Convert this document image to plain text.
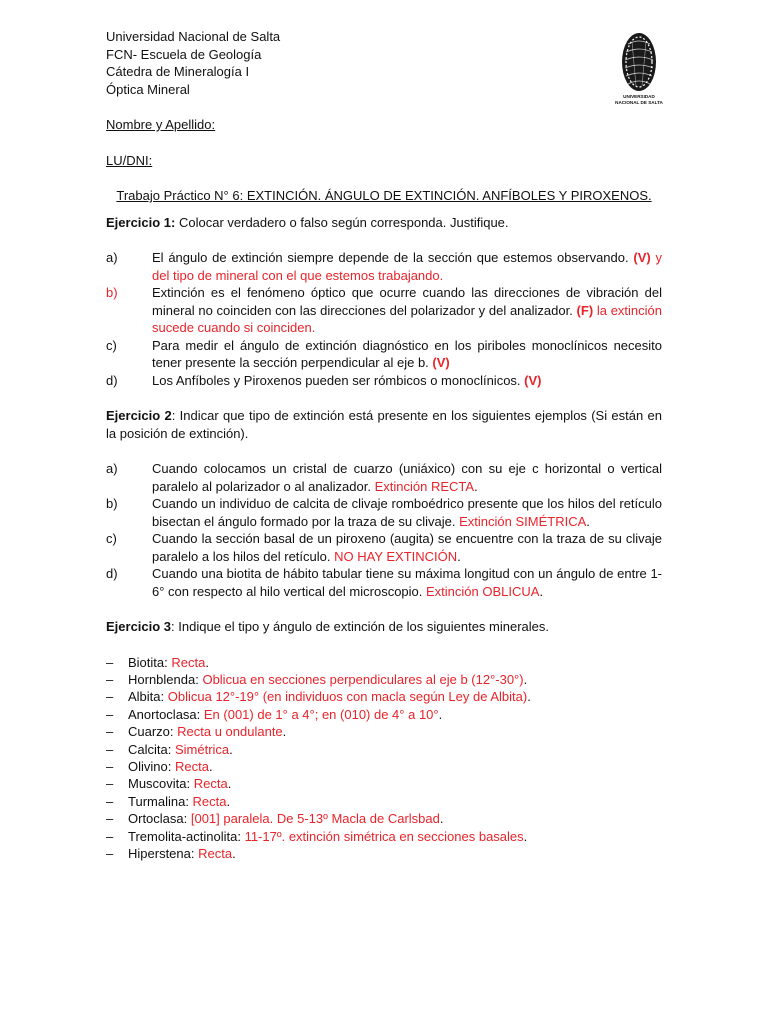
UNIVERSIDAD
NACIONAL DE SALTA
Universidad Nacional de Salta
FCN- Escuela de Geología
Cátedra de Mineralogía I
Óptica Mineral
Nombre y Apellido:
LU/DNI:
Trabajo Práctico N° 6: EXTINCIÓN. ÁNGULO DE EXTINCIÓN. ANFÍBOLES Y PIROXENOS.
Ejercicio 1: Colocar verdadero o falso según corresponda. Justifique.
a)	El ángulo de extinción siempre depende de la sección que estemos observando. (V) y del tipo de mineral con el que estemos trabajando.
b)	Extinción es el fenómeno óptico que ocurre cuando las direcciones de vibración del mineral no coinciden con las direcciones del polarizador y del analizador. (F) la extinción sucede cuando si coinciden.
c)	Para medir el ángulo de extinción diagnóstico en los piriboles monoclínicos necesito tener presente la sección perpendicular al eje b. (V)
d)	Los Anfíboles y Piroxenos pueden ser rómbicos o monoclínicos. (V)
Ejercicio 2: Indicar que tipo de extinción está presente en los siguientes ejemplos (Si están en la posición de extinción).
a)	Cuando colocamos un cristal de cuarzo (uniáxico) con su eje c horizontal o vertical paralelo al polarizador o al analizador. Extinción RECTA.
b)	Cuando un individuo de calcita de clivaje romboédrico presente que los hilos del retículo bisectan el ángulo formado por la traza de su clivaje. Extinción SIMÉTRICA.
c)	Cuando la sección basal de un piroxeno (augita) se encuentre con la traza de su clivaje paralelo a los hilos del retículo. NO HAY EXTINCIÓN.
d)	Cuando una biotita de hábito tabular tiene su máxima longitud con un ángulo de entre 1-6° con respecto al hilo vertical del microscopio. Extinción OBLICUA.
Ejercicio 3: Indique el tipo y ángulo de extinción de los siguientes minerales.
–	Biotita: Recta.
–	Hornblenda: Oblicua en secciones perpendiculares al eje b (12°-30°).
–	Albita: Oblicua 12°-19° (en individuos con macla según Ley de Albita).
–	Anortoclasa: En (001) de 1° a 4°; en (010) de 4° a 10°.
–	Cuarzo: Recta u ondulante.
–	Calcita: Simétrica.
–	Olivino: Recta.
–	Muscovita: Recta.
–	Turmalina: Recta.
–	Ortoclasa: [001] paralela. De 5-13º Macla de Carlsbad.
–	Tremolita-actinolita: 11-17º. extinción simétrica en secciones basales.
–	Hiperstena: Recta.
